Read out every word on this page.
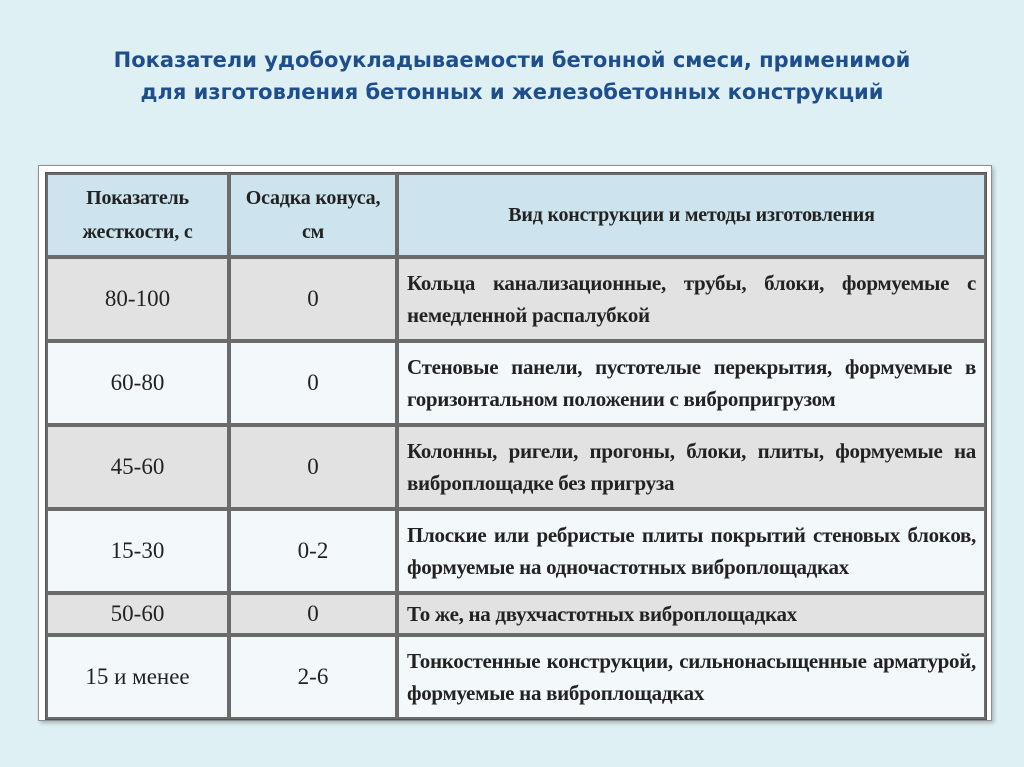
Показатели удобоукладываемости бетонной смеси, применимой
для изготовления бетонных и железобетонных конструкций
Показатель жесткости, с	Осадка конуса, см	Вид конструкции и методы изготовления
80-100	0	Кольца канализационные, трубы, блоки, формуемые с немедленной распалубкой
60-80	0	Стеновые панели, пустотелые перекрытия, формуемые в горизонтальном положении с вибропригрузом
45-60	0	Колонны, ригели, прогоны, блоки, плиты, формуемые на виброплощадке без пригруза
15-30	0-2	Плоские или ребристые плиты покрытий стеновых блоков, формуемые на одночастотных виброплощадках
50-60	0	То же, на двухчастотных виброплощадках
15 и менее	2-6	Тонкостенные конструкции, сильнонасыщенные арматурой, формуемые на виброплощадках
